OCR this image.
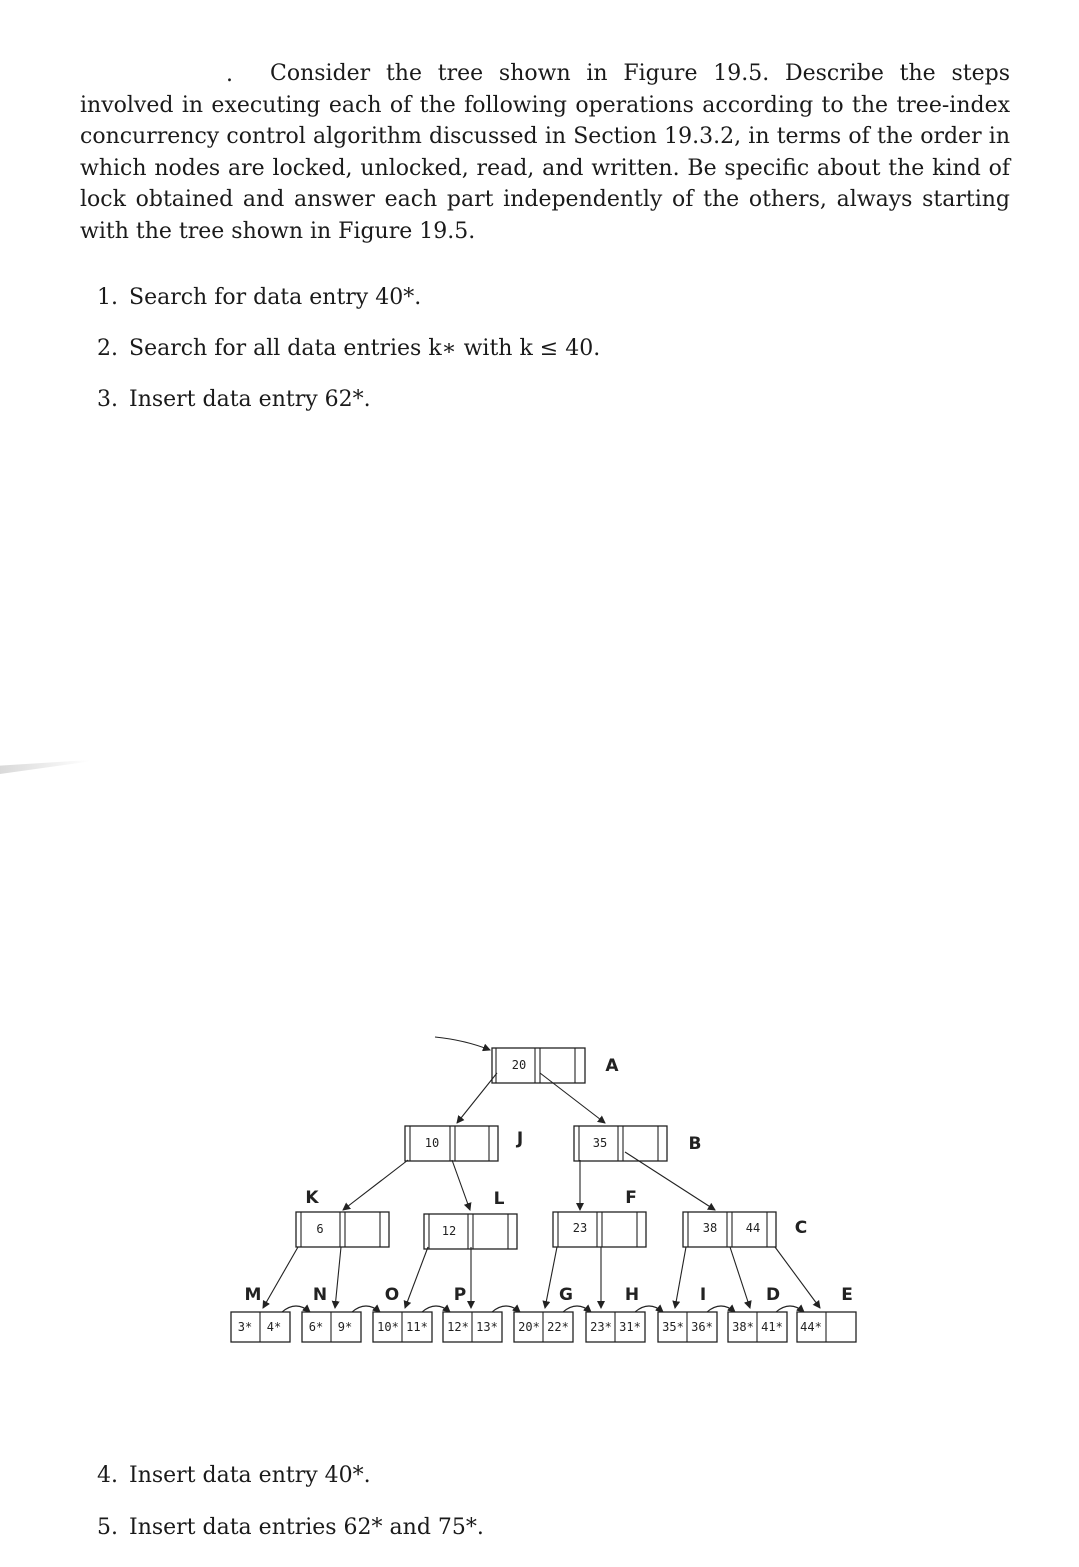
.	Consider the tree shown in Figure 19.5. Describe the steps involved in executing each of the following operations according to the tree-index concurrency control algorithm discussed in Section 19.3.2, in terms of the order in which nodes are locked, unlocked, read, and written. Be specific about the kind of lock obtained and answer each part independently of the others, always starting with the tree shown in Figure 19.5.

1. Search for data entry 40*.
2. Search for all data entries k∗ with k ≤ 40.
3. Insert data entry 62*.
4. Insert data entry 40*.
5. Insert data entries 62* and 75*.
20	A
10	J	35	B
6
K
12
L
23
F
38 44 C
3* 4*
M
6* 9*
N
10* 11*
O
12* 13*
P
20* 22*
G
23* 31*
H
35* 36*
I
38* 41*
D
44*
E
